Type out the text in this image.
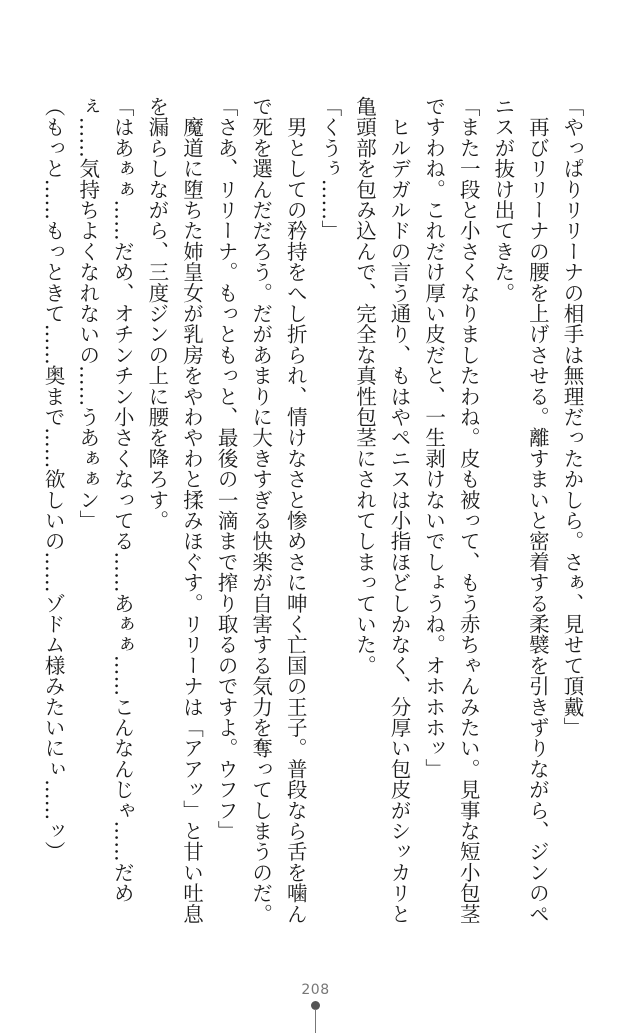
「やっぱりリリーナの相手は無理だったかしら。さぁ、見せて頂戴」
　再びリリーナの腰を上げさせる。離すまいと密着する柔襞を引きずりながら、ジンのペ
ニスが抜け出てきた。
「また一段と小さくなりましたわね。皮も被って、もう赤ちゃんみたい。見事な短小包茎
ですわね。これだけ厚い皮だと、一生剥けないでしょうね。オホホホッ」
　ヒルデガルドの言う通り、もはやペニスは小指ほどしかなく、分厚い包皮がシッカリと
亀頭部を包み込んで、完全な真性包茎にされてしまっていた。
「くうぅ……」
　男としての矜持をへし折られ、情けなさと惨めさに呻く亡国の王子。普段なら舌を噛ん
で死を選んだだろう。だがあまりに大きすぎる快楽が自害する気力を奪ってしまうのだ。
「さあ、リリーナ。もっともっと、最後の一滴まで搾り取るのですよ。ウフフ」
　魔道に堕ちた姉皇女が乳房をやわやわと揉みほぐす。リリーナは「アアッ」と甘い吐息
を漏らしながら、三度ジンの上に腰を降ろす。
「はあぁぁ……だめ、オチンチン小さくなってる……あぁぁ……こんなんじゃ……だめ
ぇ……気持ちよくなれないの……うあぁぁン」
（もっと……もっときて……奥まで……欲しいの……ゾドム様みたいにぃ……ッ）
208
